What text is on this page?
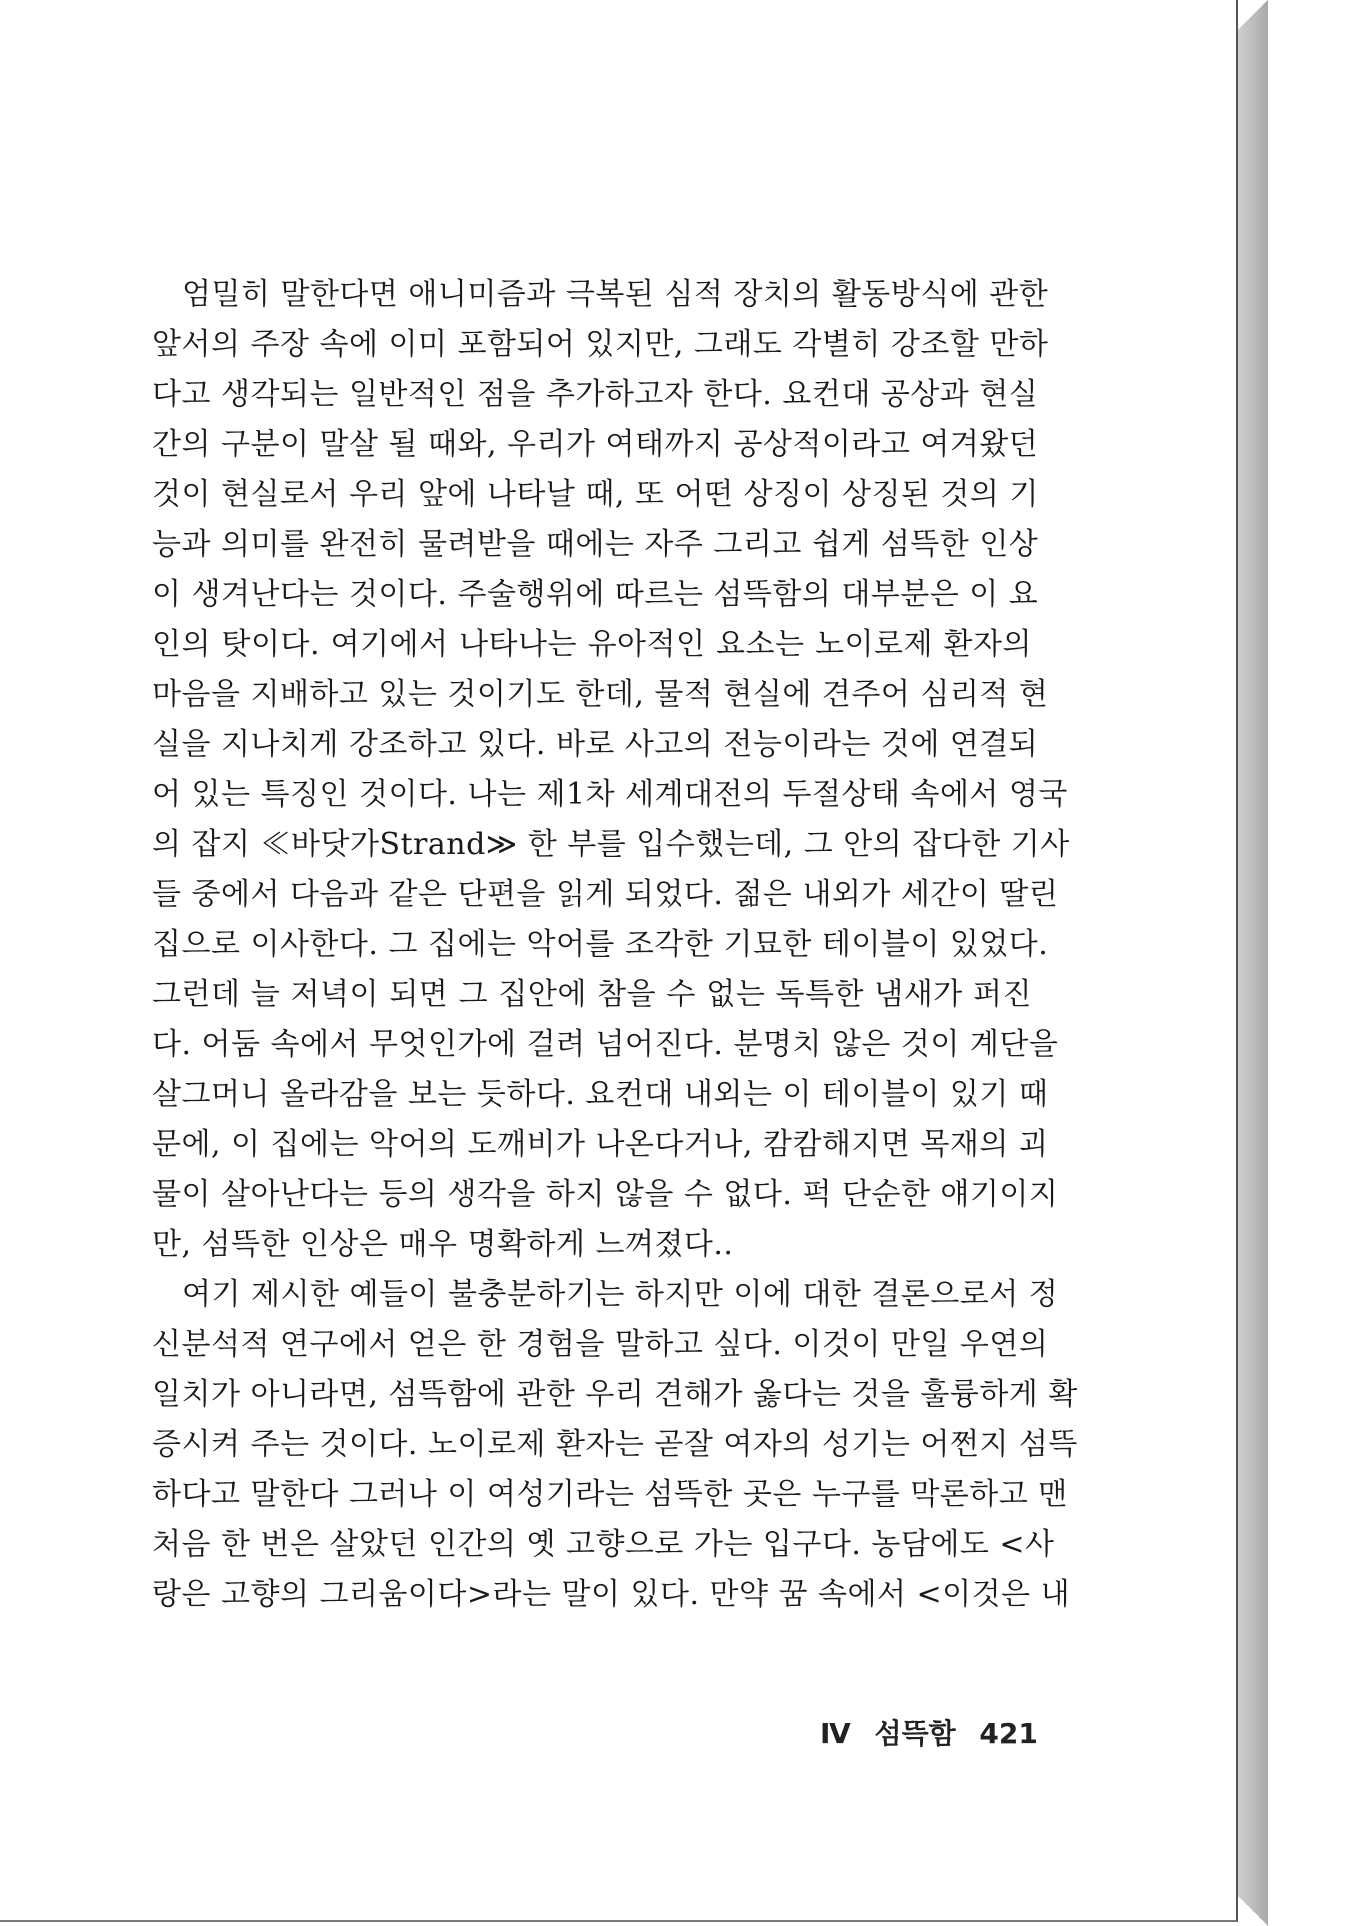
엄밀히 말한다면 애니미즘과 극복된 심적 장치의 활동방식에 관한
앞서의 주장 속에 이미 포함되어 있지만, 그래도 각별히 강조할 만하
다고 생각되는 일반적인 점을 추가하고자 한다. 요컨대 공상과 현실
간의 구분이 말살 될 때와, 우리가 여태까지 공상적이라고 여겨왔던
것이 현실로서 우리 앞에 나타날 때, 또 어떤 상징이 상징된 것의 기
능과 의미를 완전히 물려받을 때에는 자주 그리고 쉽게 섬뜩한 인상
이 생겨난다는 것이다. 주술행위에 따르는 섬뜩함의 대부분은 이 요
인의 탓이다. 여기에서 나타나는 유아적인 요소는 노이로제 환자의
마음을 지배하고 있는 것이기도 한데, 물적 현실에 견주어 심리적 현
실을 지나치게 강조하고 있다. 바로 사고의 전능이라는 것에 연결되
어 있는 특징인 것이다. 나는 제1차 세계대전의 두절상태 속에서 영국
의 잡지 ≪바닷가Strand≫ 한 부를 입수했는데, 그 안의 잡다한 기사
들 중에서 다음과 같은 단편을 읽게 되었다. 젊은 내외가 세간이 딸린
집으로 이사한다. 그 집에는 악어를 조각한 기묘한 테이블이 있었다.
그런데 늘 저녁이 되면 그 집안에 참을 수 없는 독특한 냄새가 퍼진
다. 어둠 속에서 무엇인가에 걸려 넘어진다. 분명치 않은 것이 계단을
살그머니 올라감을 보는 듯하다. 요컨대 내외는 이 테이블이 있기 때
문에, 이 집에는 악어의 도깨비가 나온다거나, 캄캄해지면 목재의 괴
물이 살아난다는 등의 생각을 하지 않을 수 없다. 퍽 단순한 얘기이지
만, 섬뜩한 인상은 매우 명확하게 느껴졌다..
여기 제시한 예들이 불충분하기는 하지만 이에 대한 결론으로서 정
신분석적 연구에서 얻은 한 경험을 말하고 싶다. 이것이 만일 우연의
일치가 아니라면, 섬뜩함에 관한 우리 견해가 옳다는 것을 훌륭하게 확
증시켜 주는 것이다. 노이로제 환자는 곧잘 여자의 성기는 어쩐지 섬뜩
하다고 말한다 그러나 이 여성기라는 섬뜩한 곳은 누구를 막론하고 맨
처음 한 번은 살았던 인간의 옛 고향으로 가는 입구다. 농담에도 <사
랑은 고향의 그리움이다>라는 말이 있다. 만약 꿈 속에서 <이것은 내
Ⅳ 섬뜩함 421
